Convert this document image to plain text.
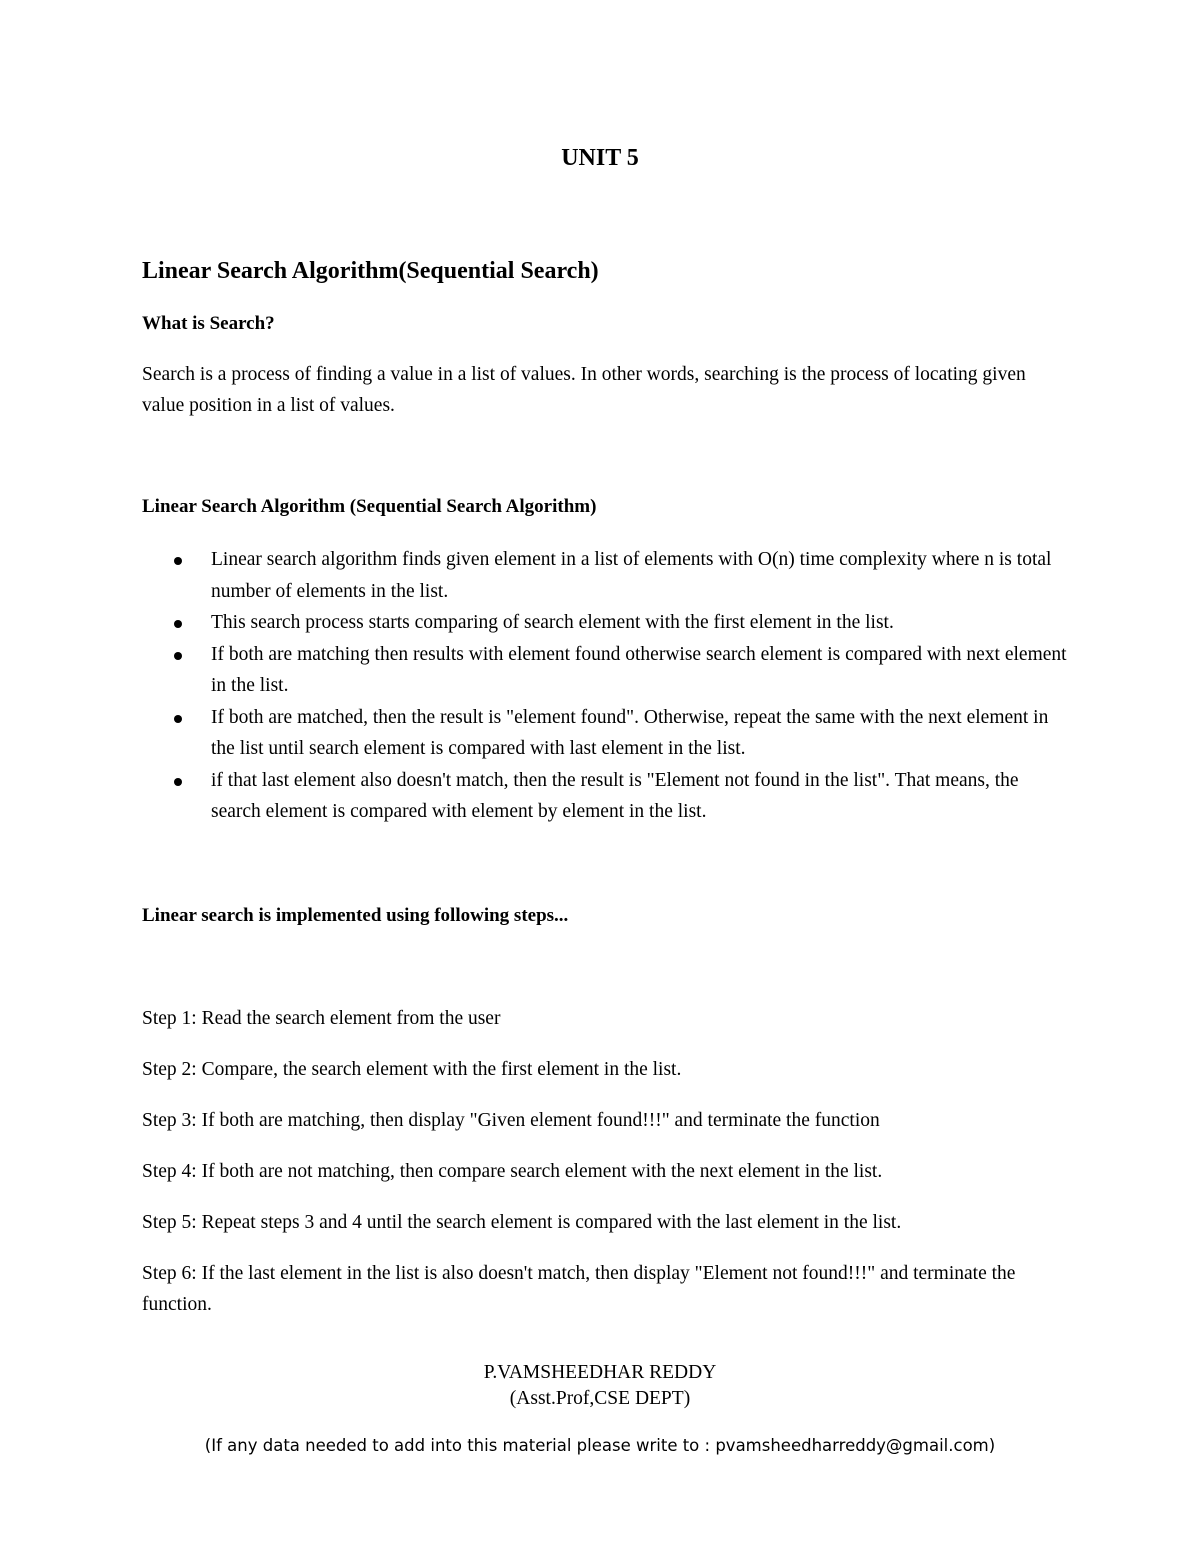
UNIT 5
Linear Search Algorithm(Sequential Search)
What is Search?
Search is a process of finding a value in a list of values. In other words, searching is the process of locating given value position in a list of values.
Linear Search Algorithm (Sequential Search Algorithm)
Linear search algorithm finds given element in a list of elements with O(n) time complexity where n is total number of elements in the list.
This search process starts comparing of search element with the first element in the list.
If both are matching then results with element found otherwise search element is compared with next element in the list.
If both are matched, then the result is "element found". Otherwise, repeat the same with the next element in the list until search element is compared with last element in the list.
if that last element also doesn't match, then the result is "Element not found in the list". That means, the search element is compared with element by element in the list.
Linear search is implemented using following steps...
Step 1: Read the search element from the user
Step 2: Compare, the search element with the first element in the list.
Step 3: If both are matching, then display "Given element found!!!" and terminate the function
Step 4: If both are not matching, then compare search element with the next element in the list.
Step 5: Repeat steps 3 and 4 until the search element is compared with the last element in the list.
Step 6: If the last element in the list is also doesn't match, then display "Element not found!!!" and terminate the function.
P.VAMSHEEDHAR REDDY
(Asst.Prof,CSE DEPT)
(If any data needed to add into this material please write to : pvamsheedharreddy@gmail.com)
